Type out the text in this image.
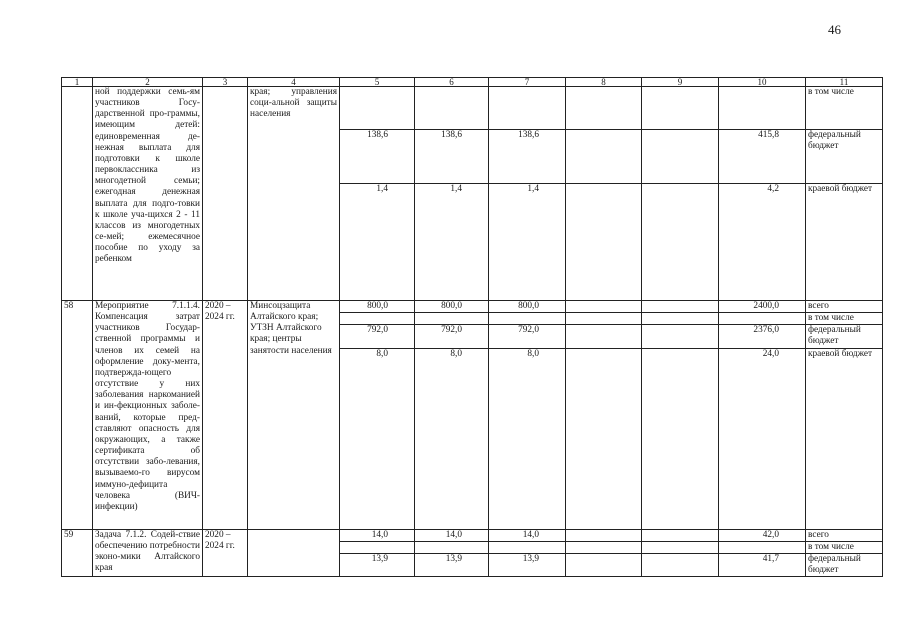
46
1	2	3	4	5	6	7	8	9	10	11
	ной поддержки семь-ям участников Госу-дарственной про-граммы, имеющим детей: единовременная де-нежная выплата для подготовки к школе первоклассника из многодетной семьи; ежегодная денежная выплата для подго-товки к школе уча-щихся 2 - 11 классов из многодетных се-мей; ежемесячное пособие по уходу за ребенком		края; управления соци-альной защиты населения							в том числе
				138,6	138,6	138,6			415,8	федеральный бюджет
				1,4	1,4	1,4			4,2	краевой бюджет
58	Мероприятие 7.1.1.4. Компенсация затрат участников Государ-ственной программы и членов их семей на оформление доку-мента, подтвержда-ющего отсутствие у них заболевания наркоманией и ин-фекционных заболе-ваний, которые пред-ставляют опасность для окружающих, а также сертификата об отсутствии забо-левания, вызываемо-го вирусом иммуно-дефицита человека (ВИЧ-инфекции)	2020 – 2024 гг.	Минсоцзащита Алтайского края; УТЗН Алтайского края; центры занятости населения	800,0	800,0	800,0			2400,0	всего
										в том числе
				792,0	792,0	792,0			2376,0	федеральный бюджет
				8,0	8,0	8,0			24,0	краевой бюджет
59	Задача 7.1.2. Содей-ствие обеспечению потребности эконо-мики Алтайского края	2020 – 2024 гг.		14,0	14,0	14,0			42,0	всего
										в том числе
				13,9	13,9	13,9			41,7	федеральный бюджет
